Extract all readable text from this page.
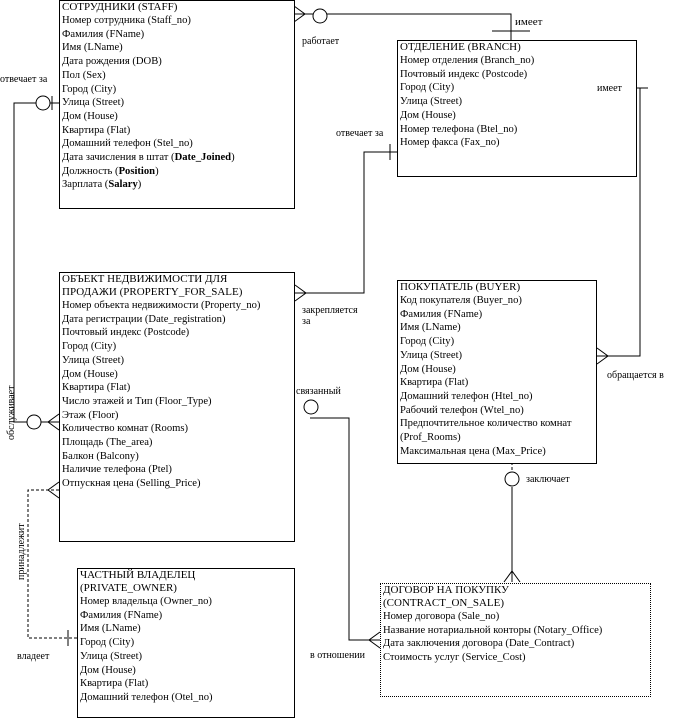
СОТРУДНИКИ (STAFF)
Номер сотрудника (Staff_no)
Фамилия (FName)
Имя (LName)
Дата рождения (DOB)
Пол (Sex)
Город (City)
Улица (Street)
Дом (House)
Квартира (Flat)
Домашний телефон (Stel_no)
Дата зачисления в штат (Date_Joined)
Должность (Position)
Зарплата (Salary)
ОТДЕЛЕНИЕ (BRANCH)
Номер отделения (Branch_no)
Почтовый индекс (Postcode)
Город (City)
Улица (Street)
Дом (House)
Номер телефона (Btel_no)
Номер факса (Fax_no)
ОБЪЕКТ НЕДВИЖИМОСТИ ДЛЯ
ПРОДАЖИ (PROPERTY_FOR_SALE)
Номер объекта недвижимости (Property_no)
Дата регистрации (Date_registration)
Почтовый индекс (Postcode)
Город (City)
Улица (Street)
Дом (House)
Квартира (Flat)
Число этажей и Тип (Floor_Type)
Этаж (Floor)
Количество комнат (Rooms)
Площадь (The_area)
Балкон (Balcony)
Наличие телефона (Ptel)
Отпускная цена (Selling_Price)
ПОКУПАТЕЛЬ (BUYER)
Код покупателя (Buyer_no)
Фамилия (FName)
Имя (LName)
Город (City)
Улица (Street)
Дом (House)
Квартира (Flat)
Домашний телефон (Htel_no)
Рабочий телефон (Wtel_no)
Предпочтительное количество комнат
(Prof_Rooms)
Максимальная цена (Max_Price)
ЧАСТНЫЙ ВЛАДЕЛЕЦ
(PRIVATE_OWNER)
Номер владельца (Owner_no)
Фамилия (FName)
Имя (LName)
Город (City)
Улица (Street)
Дом (House)
Квартира (Flat)
Домашний телефон (Otel_no)
ДОГОВОР НА ПОКУПКУ
(CONTRACT_ON_SALE)
Номер договора (Sale_no)
Название нотариальной конторы (Notary_Office)
Дата заключения договора (Date_Contract)
Стоимость услуг (Service_Cost)
работает
имеет
отвечает за
отвечает за
закрепляется
за
имеет
обращается в
связанный
заключает
в отношении
владеет
обслуживает
принадлежит
